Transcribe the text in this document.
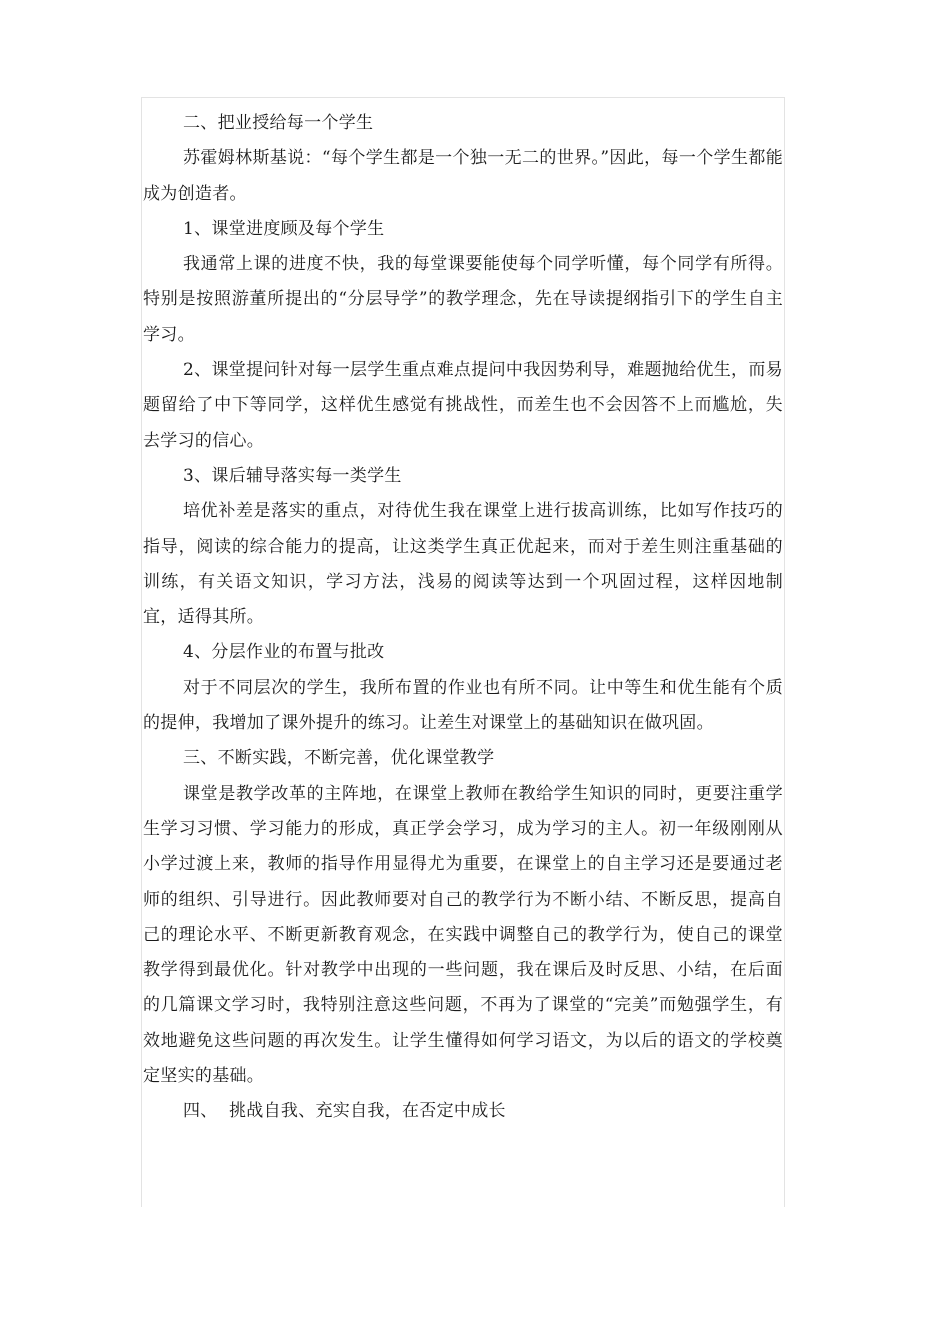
二、把业授给每一个学生

苏霍姆林斯基说：“每个学生都是一个独一无二的世界。”因此，每一个学生都能成为创造者。

1、课堂进度顾及每个学生

我通常上课的进度不快，我的每堂课要能使每个同学听懂，每个同学有所得。特别是按照游董所提出的“分层导学”的教学理念，先在导读提纲指引下的学生自主学习。

2、课堂提问针对每一层学生重点难点提问中我因势利导，难题抛给优生，而易题留给了中下等同学，这样优生感觉有挑战性，而差生也不会因答不上而尴尬，失去学习的信心。

3、课后辅导落实每一类学生

培优补差是落实的重点，对待优生我在课堂上进行拔高训练，比如写作技巧的指导，阅读的综合能力的提高，让这类学生真正优起来，而对于差生则注重基础的训练，有关语文知识，学习方法，浅易的阅读等达到一个巩固过程，这样因地制宜，适得其所。

4、分层作业的布置与批改

对于不同层次的学生，我所布置的作业也有所不同。让中等生和优生能有个质的提伸，我增加了课外提升的练习。让差生对课堂上的基础知识在做巩固。

三、不断实践，不断完善，优化课堂教学

课堂是教学改革的主阵地，在课堂上教师在教给学生知识的同时，更要注重学生学习习惯、学习能力的形成，真正学会学习，成为学习的主人。初一年级刚刚从小学过渡上来，教师的指导作用显得尤为重要，在课堂上的自主学习还是要通过老师的组织、引导进行。因此教师要对自己的教学行为不断小结、不断反思，提高自己的理论水平、不断更新教育观念，在实践中调整自己的教学行为，使自己的课堂教学得到最优化。针对教学中出现的一些问题，我在课后及时反思、小结，在后面的几篇课文学习时，我特别注意这些问题，不再为了课堂的“完美”而勉强学生，有效地避免这些问题的再次发生。让学生懂得如何学习语文，为以后的语文的学校奠定坚实的基础。

四、  挑战自我、充实自我，在否定中成长
